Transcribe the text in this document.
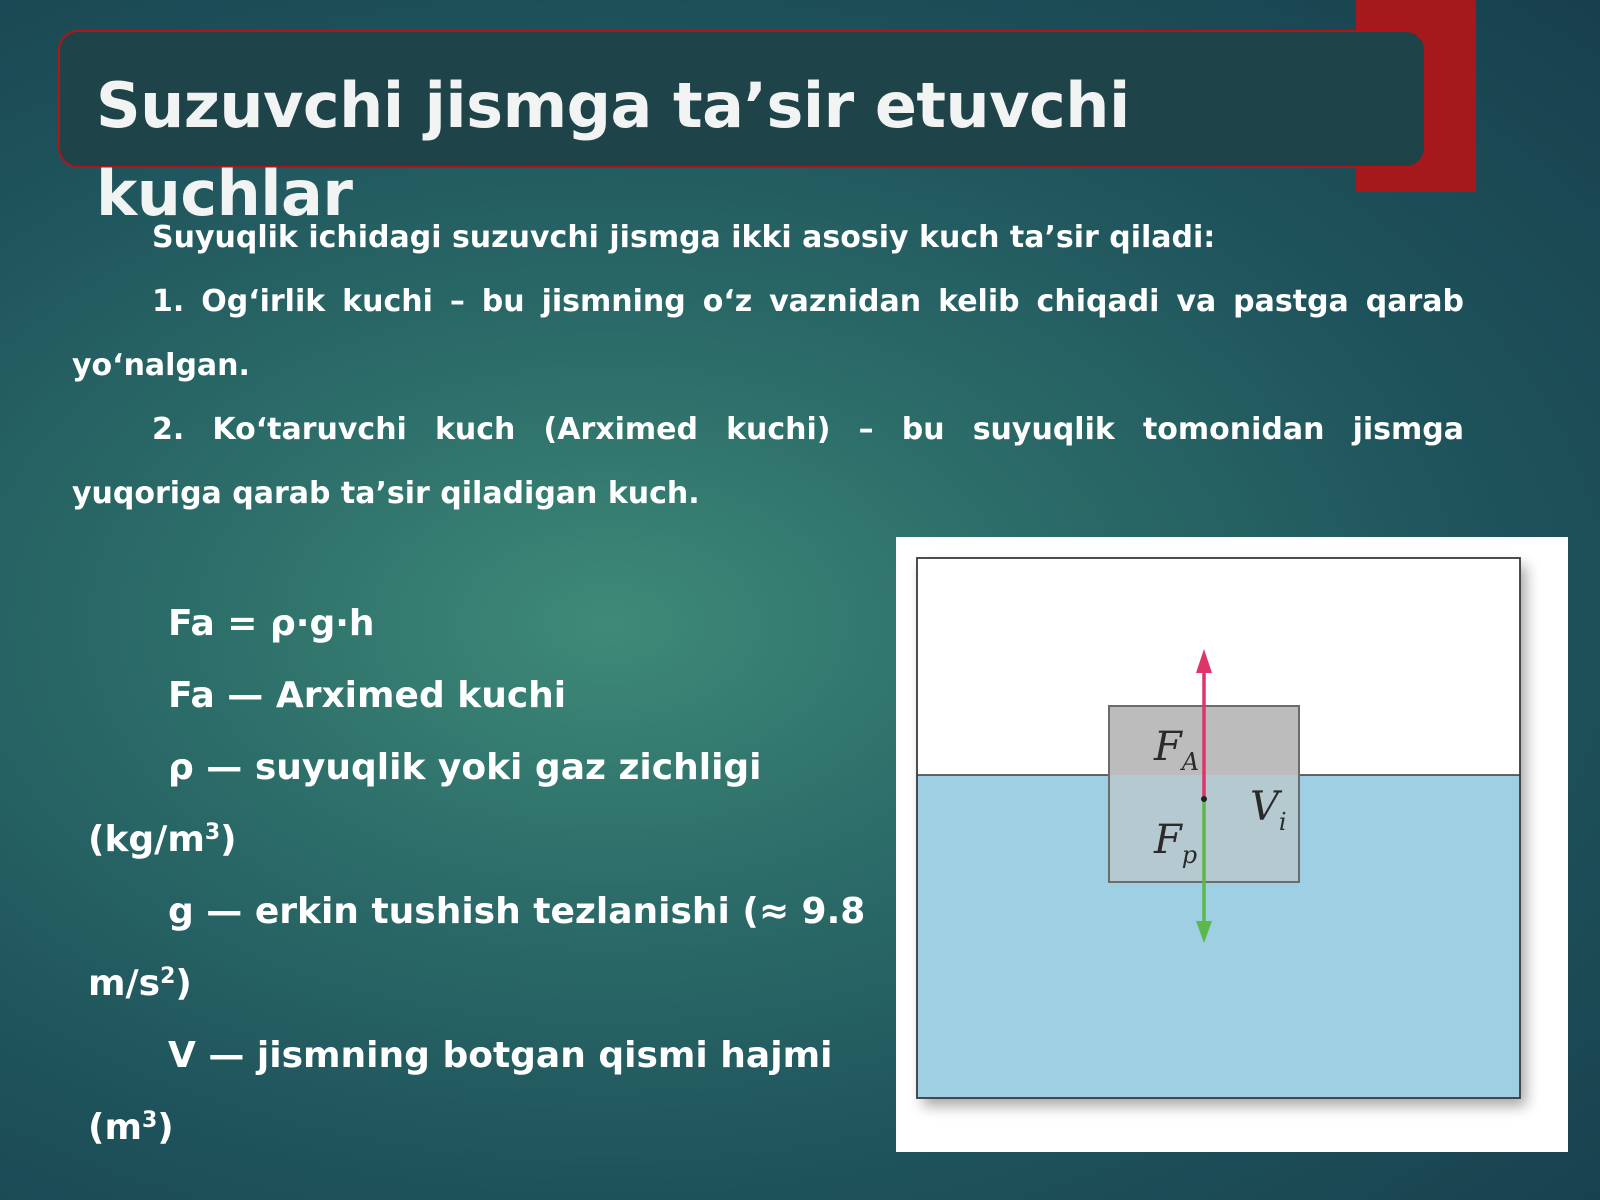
Suzuvchi jismga ta’sir etuvchi kuchlar

Suyuqlik ichidagi suzuvchi jismga ikki asosiy kuch ta’sir qiladi:

1. Og‘irlik kuchi – bu jismning o‘z vaznidan kelib chiqadi va pastga qarab yo‘nalgan.

2. Ko‘taruvchi kuch (Arximed kuchi) – bu suyuqlik tomonidan jismga yuqoriga qarab ta’sir qiladigan kuch.

Fa = ρ·g·h

Fa — Arximed kuchi

ρ — suyuqlik yoki gaz zichligi $(kg/m^3)$

g — erkin tushish tezlanishi (≈ 9.8 $m/s^2$)

V — jismning botgan qismi hajmi $(m^3)$

$F_A$
$F_p$
$V_i$
